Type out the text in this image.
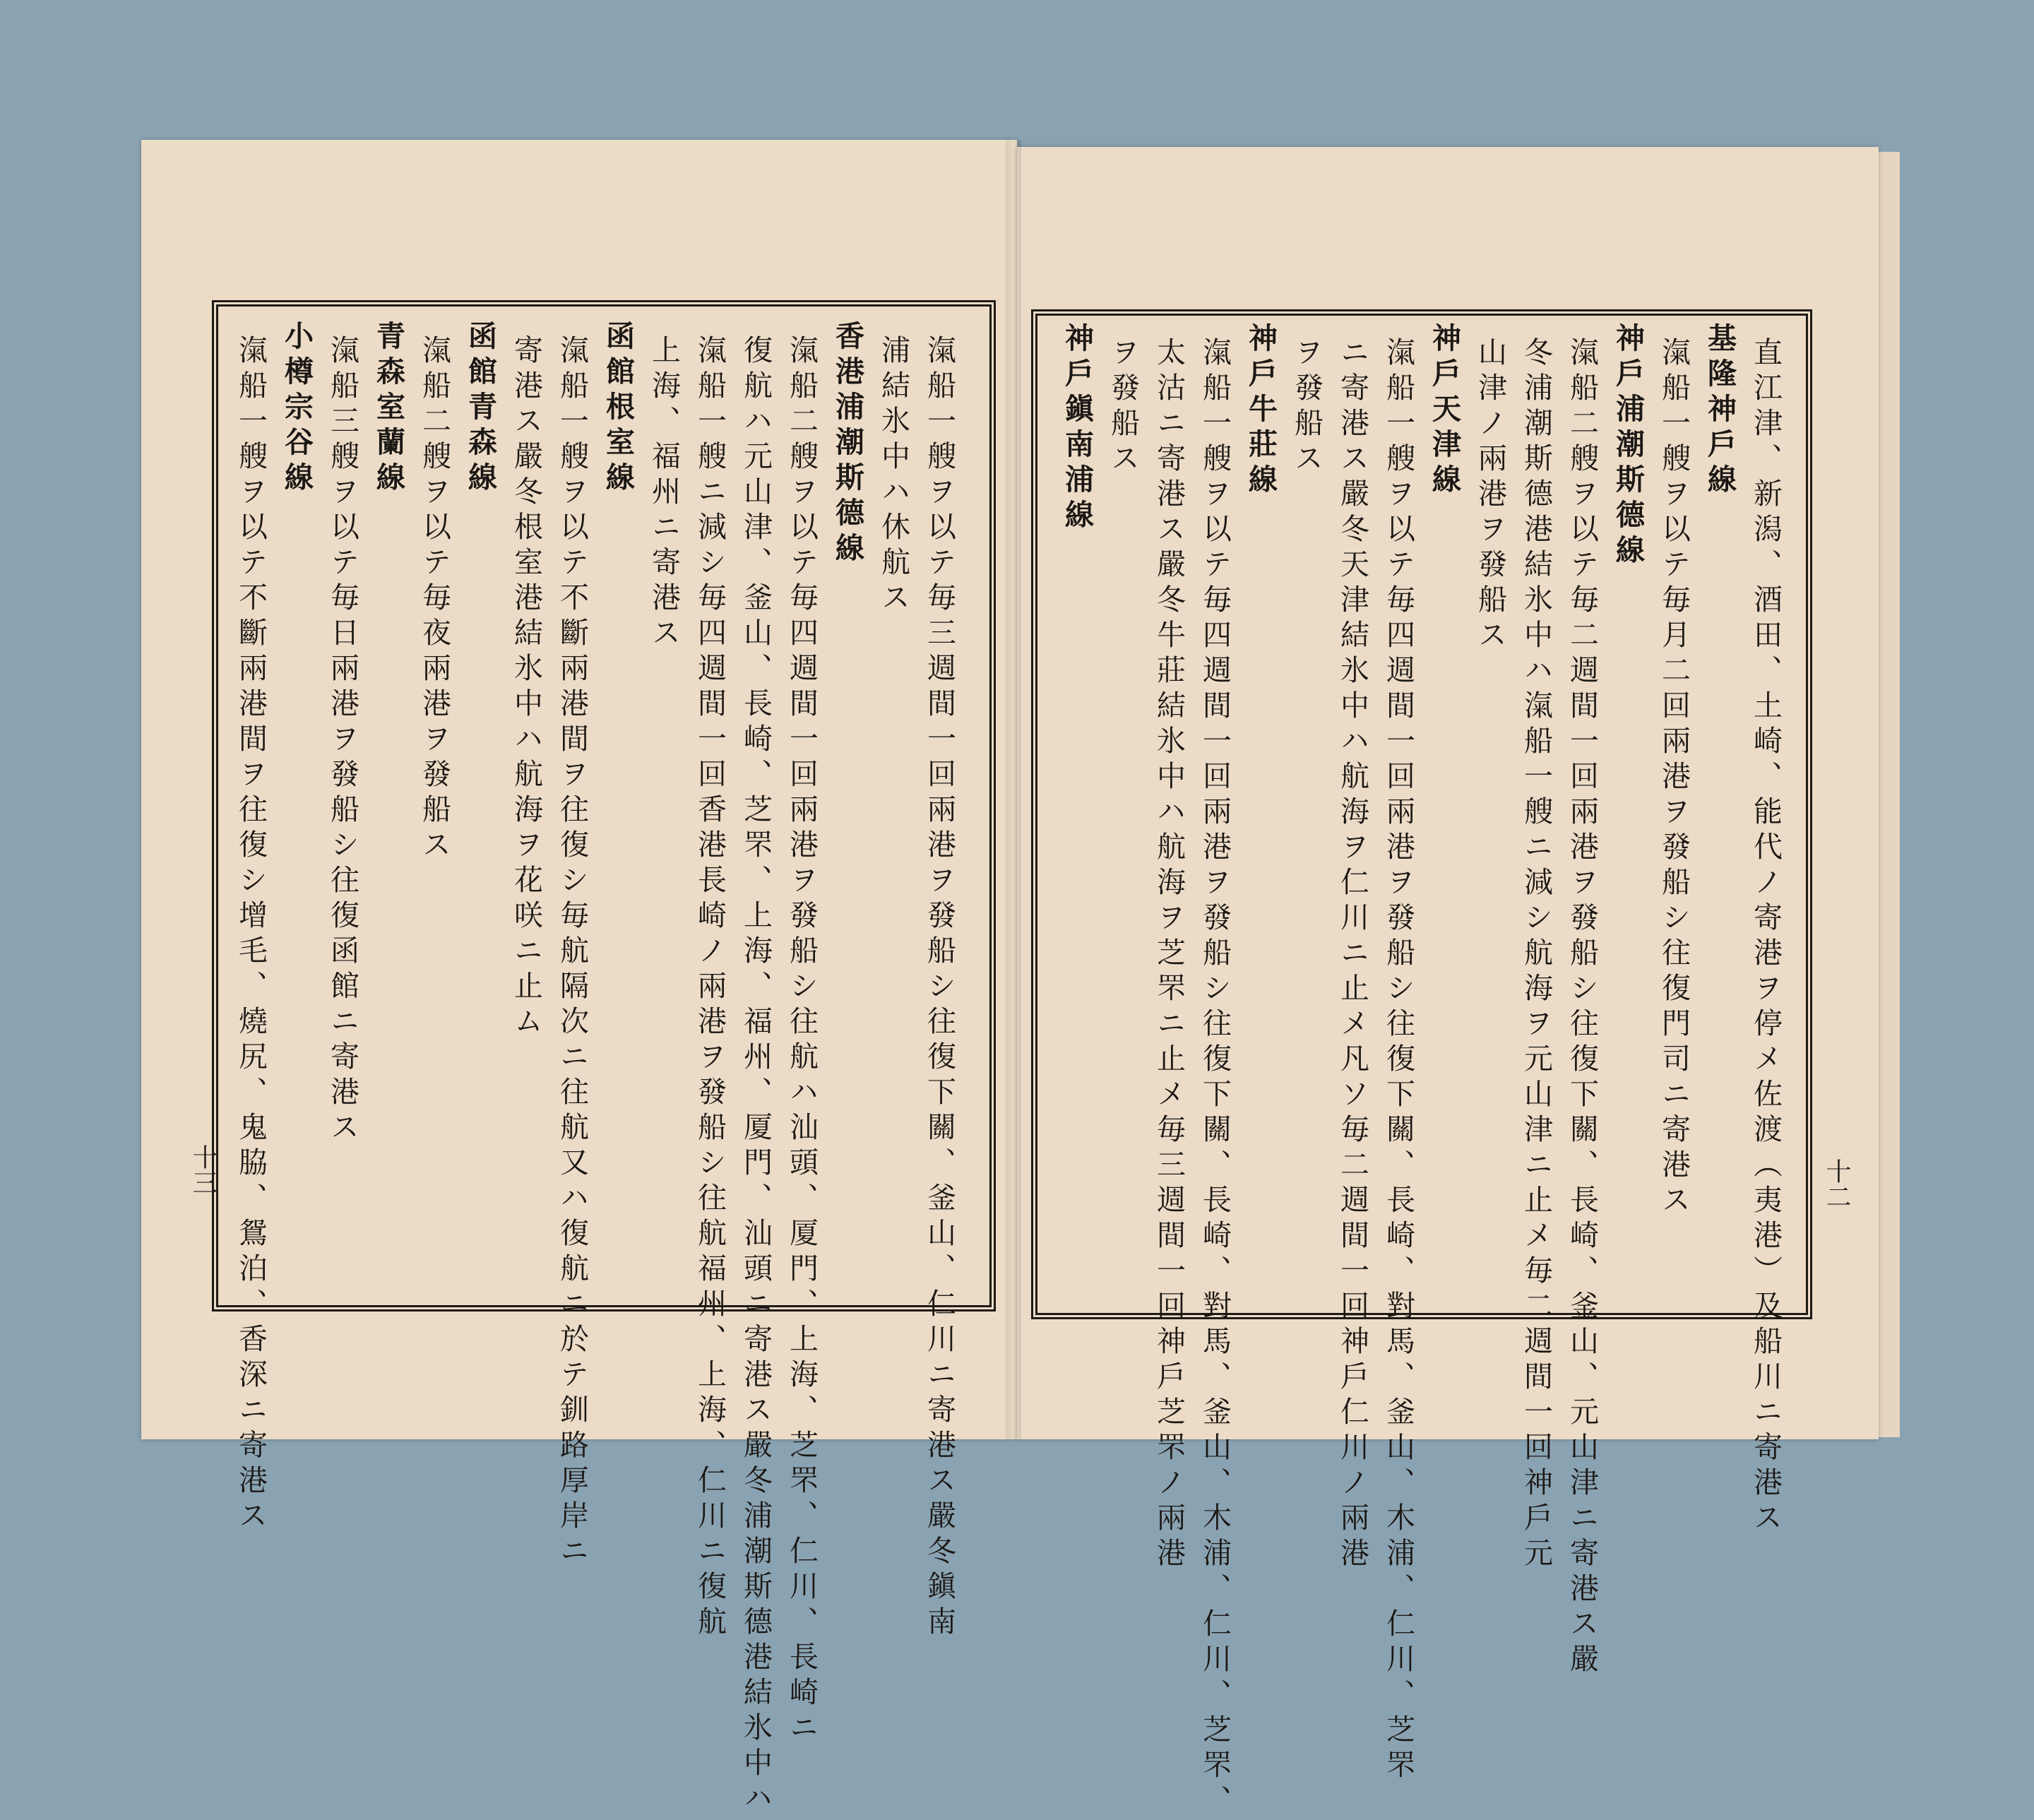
滊船一艘ヲ以テ毎三週間一回兩港ヲ發船シ往復下關、釜山、仁川ニ寄港ス嚴冬鎭南
浦結氷中ハ休航ス
香港浦潮斯德線
滊船二艘ヲ以テ毎四週間一回兩港ヲ發船シ往航ハ汕頭、厦門、上海、芝罘、仁川、長崎ニ
復航ハ元山津、釜山、長崎、芝罘、上海、福州、厦門、汕頭ニ寄港ス嚴冬浦潮斯德港結氷中ハ
滊船一艘ニ減シ毎四週間一回香港長崎ノ兩港ヲ發船シ往航福州、上海、仁川ニ復航
上海、福州ニ寄港ス
函館根室線
滊船一艘ヲ以テ不斷兩港間ヲ往復シ毎航隔次ニ往航又ハ復航ニ於テ釧路厚岸ニ
寄港ス嚴冬根室港結氷中ハ航海ヲ花咲ニ止ム
函館青森線
滊船二艘ヲ以テ毎夜兩港ヲ發船ス
青森室蘭線
滊船三艘ヲ以テ毎日兩港ヲ發船シ往復函館ニ寄港ス
小樽宗谷線
滊船一艘ヲ以テ不斷兩港間ヲ往復シ增毛、燒尻、鬼脇、鴛泊、香深ニ寄港ス
十三	直江津、新潟、酒田、土崎、能代ノ寄港ヲ停メ佐渡（夷港）及船川ニ寄港ス
基隆神戶線
滊船一艘ヲ以テ毎月二回兩港ヲ發船シ往復門司ニ寄港ス
神戶浦潮斯德線
滊船二艘ヲ以テ毎二週間一回兩港ヲ發船シ往復下關、長崎、釜山、元山津ニ寄港ス嚴
冬浦潮斯德港結氷中ハ滊船一艘ニ減シ航海ヲ元山津ニ止メ毎二週間一回神戶元
山津ノ兩港ヲ發船ス
神戶天津線
滊船一艘ヲ以テ毎四週間一回兩港ヲ發船シ往復下關、長崎、對馬、釜山、木浦、仁川、芝罘
ニ寄港ス嚴冬天津結氷中ハ航海ヲ仁川ニ止メ凡ソ毎二週間一回神戶仁川ノ兩港
ヲ發船ス
神戶牛莊線
滊船一艘ヲ以テ毎四週間一回兩港ヲ發船シ往復下關、長崎、對馬、釜山、木浦、仁川、芝罘、
太沽ニ寄港ス嚴冬牛莊結氷中ハ航海ヲ芝罘ニ止メ毎三週間一回神戶芝罘ノ兩港
ヲ發船ス
神戶鎭南浦線
十二
